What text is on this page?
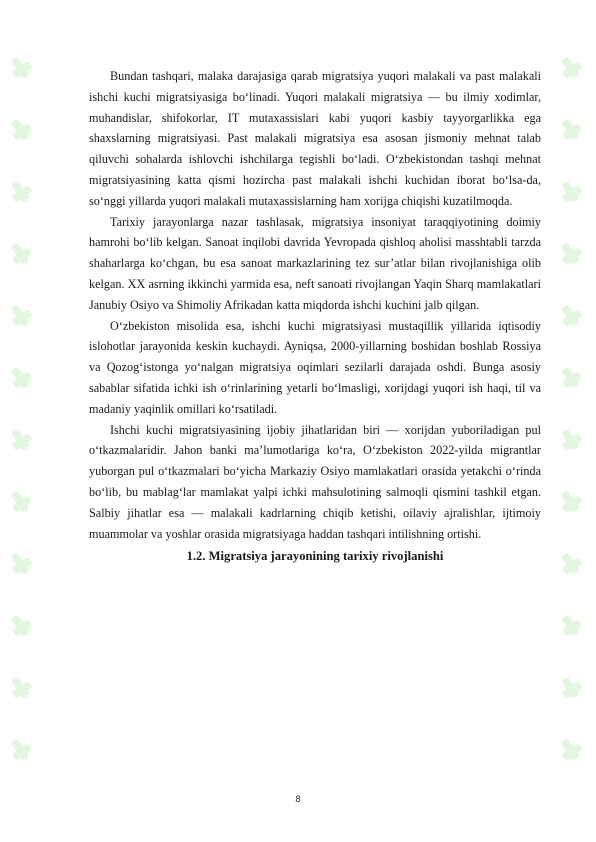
Bundan tashqari, malaka darajasiga qarab migratsiya yuqori malakali va past malakali ishchi kuchi migratsiyasiga bo‘linadi. Yuqori malakali migratsiya — bu ilmiy xodimlar, muhandislar, shifokorlar, IT mutaxassislari kabi yuqori kasbiy tayyorgarlikka ega shaxslarning migratsiyasi. Past malakali migratsiya esa asosan jismoniy mehnat talab qiluvchi sohalarda ishlovchi ishchilarga tegishli bo‘ladi. O‘zbekistondan tashqi mehnat migratsiyasining katta qismi hozircha past malakali ishchi kuchidan iborat bo‘lsa-da, so‘nggi yillarda yuqori malakali mutaxassislarning ham xorijga chiqishi kuzatilmoqda.

Tarixiy jarayonlarga nazar tashlasak, migratsiya insoniyat taraqqiyotining doimiy hamrohi bo‘lib kelgan. Sanoat inqilobi davrida Yevropada qishloq aholisi masshtabli tarzda shaharlarga ko‘chgan, bu esa sanoat markazlarining tez sur’atlar bilan rivojlanishiga olib kelgan. XX asrning ikkinchi yarmida esa, neft sanoati rivojlangan Yaqin Sharq mamlakatlari Janubiy Osiyo va Shimoliy Afrikadan katta miqdorda ishchi kuchini jalb qilgan.

O‘zbekiston misolida esa, ishchi kuchi migratsiyasi mustaqillik yillarida iqtisodiy islohotlar jarayonida keskin kuchaydi. Ayniqsa, 2000-yillarning boshidan boshlab Rossiya va Qozog‘istonga yo‘nalgan migratsiya oqimlari sezilarli darajada oshdi. Bunga asosiy sabablar sifatida ichki ish o‘rinlarining yetarli bo‘lmasligi, xorijdagi yuqori ish haqi, til va madaniy yaqinlik omillari ko‘rsatiladi.

Ishchi kuchi migratsiyasining ijobiy jihatlaridan biri — xorijdan yuboriladigan pul o‘tkazmalaridir. Jahon banki ma’lumotlariga ko‘ra, O‘zbekiston 2022-yilda migrantlar yuborgan pul o‘tkazmalari bo‘yicha Markaziy Osiyo mamlakatlari orasida yetakchi o‘rinda bo‘lib, bu mablag‘lar mamlakat yalpi ichki mahsulotining salmoqli qismini tashkil etgan. Salbiy jihatlar esa — malakali kadrlarning chiqib ketishi, oilaviy ajralishlar, ijtimoiy muammolar va yoshlar orasida migratsiyaga haddan tashqari intilishning ortishi.

1.2. Migratsiya jarayonining tarixiy rivojlanishi
8
